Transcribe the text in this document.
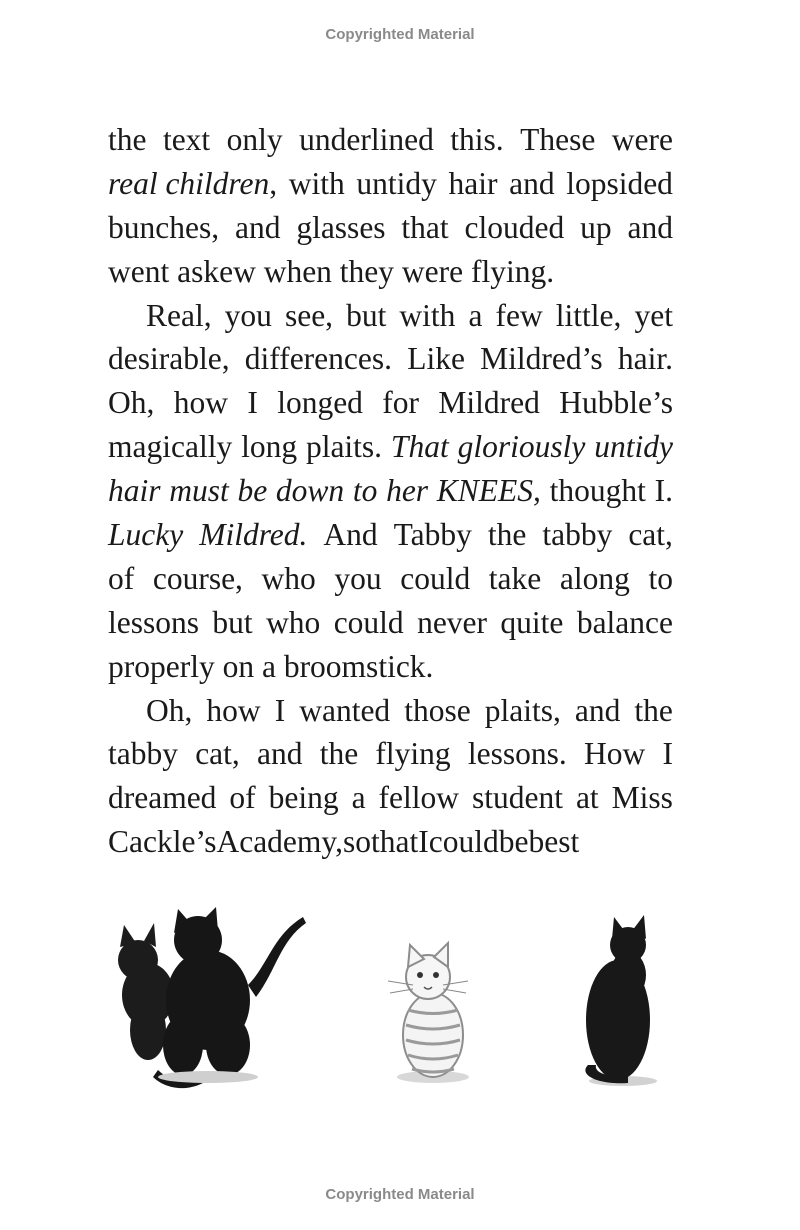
Copyrighted Material
the text only underlined this. These were
real children, with untidy hair and lopsided
bunches, and glasses that clouded up and
went askew when they were flying.
Real, you see, but with a few little, yet
desirable, differences. Like Mildred’s hair.
Oh, how I longed for Mildred Hubble’s
magically long plaits. That gloriously untidy
hair must be down to her KNEES, thought I.
Lucky Mildred. And Tabby the tabby cat,
of course, who you could take along to
lessons but who could never quite balance
properly on a broomstick.
Oh, how I wanted those plaits, and the
tabby cat, and the flying lessons. How I
dreamed of being a fellow student at Miss
Cackle’s Academy, so that I could be best
Copyrighted Material
